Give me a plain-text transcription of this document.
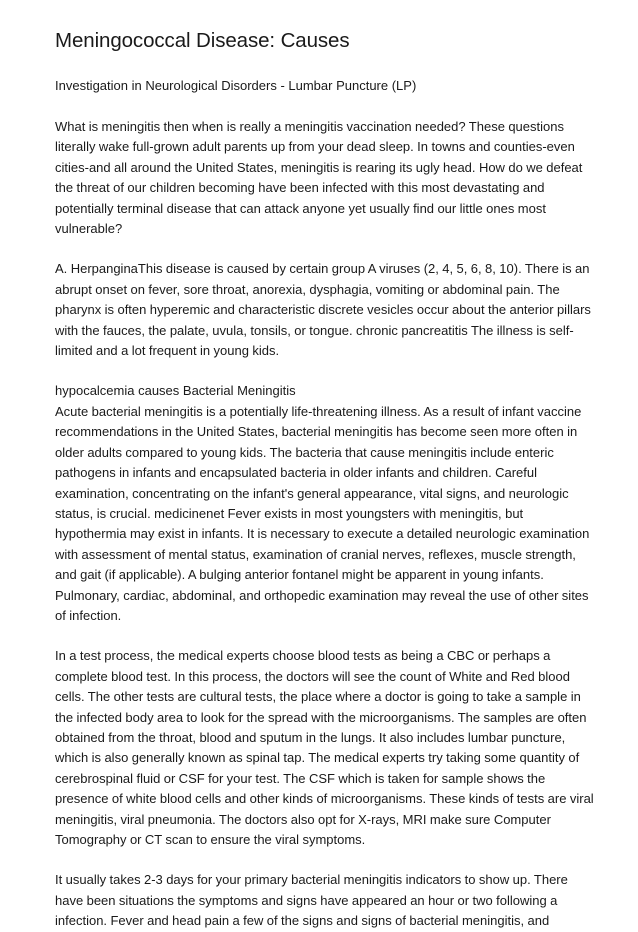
Meningococcal Disease: Causes

Investigation in Neurological Disorders - Lumbar Puncture (LP)

What is meningitis then when is really a meningitis vaccination needed? These questions literally wake full-grown adult parents up from your dead sleep. In towns and counties-even cities-and all around the United States, meningitis is rearing its ugly head. How do we defeat the threat of our children becoming have been infected with this most devastating and potentially terminal disease that can attack anyone yet usually find our little ones most vulnerable?

A. HerpanginaThis disease is caused by certain group A viruses (2, 4, 5, 6, 8, 10). There is an abrupt onset on fever, sore throat, anorexia, dysphagia, vomiting or abdominal pain. The pharynx is often hyperemic and characteristic discrete vesicles occur about the anterior pillars with the fauces, the palate, uvula, tonsils, or tongue. chronic pancreatitis The illness is self-limited and a lot frequent in young kids.

hypocalcemia causes Bacterial Meningitis

Acute bacterial meningitis is a potentially life-threatening illness. As a result of infant vaccine recommendations in the United States, bacterial meningitis has become seen more often in older adults compared to young kids. The bacteria that cause meningitis include enteric pathogens in infants and encapsulated bacteria in older infants and children. Careful examination, concentrating on the infant's general appearance, vital signs, and neurologic status, is crucial. medicinenet Fever exists in most youngsters with meningitis, but hypothermia may exist in infants. It is necessary to execute a detailed neurologic examination with assessment of mental status, examination of cranial nerves, reflexes, muscle strength, and gait (if applicable). A bulging anterior fontanel might be apparent in young infants. Pulmonary, cardiac, abdominal, and orthopedic examination may reveal the use of other sites of infection.

In a test process, the medical experts choose blood tests as being a CBC or perhaps a complete blood test. In this process, the doctors will see the count of White and Red blood cells. The other tests are cultural tests, the place where a doctor is going to take a sample in the infected body area to look for the spread with the microorganisms. The samples are often obtained from the throat, blood and sputum in the lungs. It also includes lumbar puncture, which is also generally known as spinal tap. The medical experts try taking some quantity of cerebrospinal fluid or CSF for your test. The CSF which is taken for sample shows the presence of white blood cells and other kinds of microorganisms. These kinds of tests are viral meningitis, viral pneumonia. The doctors also opt for X-rays, MRI make sure Computer Tomography or CT scan to ensure the viral symptoms.

It usually takes 2-3 days for your primary bacterial meningitis indicators to show up. There have been situations the symptoms and signs have appeared an hour or two following a infection. Fever and head pain a few of the signs and signs of bacterial meningitis, and
